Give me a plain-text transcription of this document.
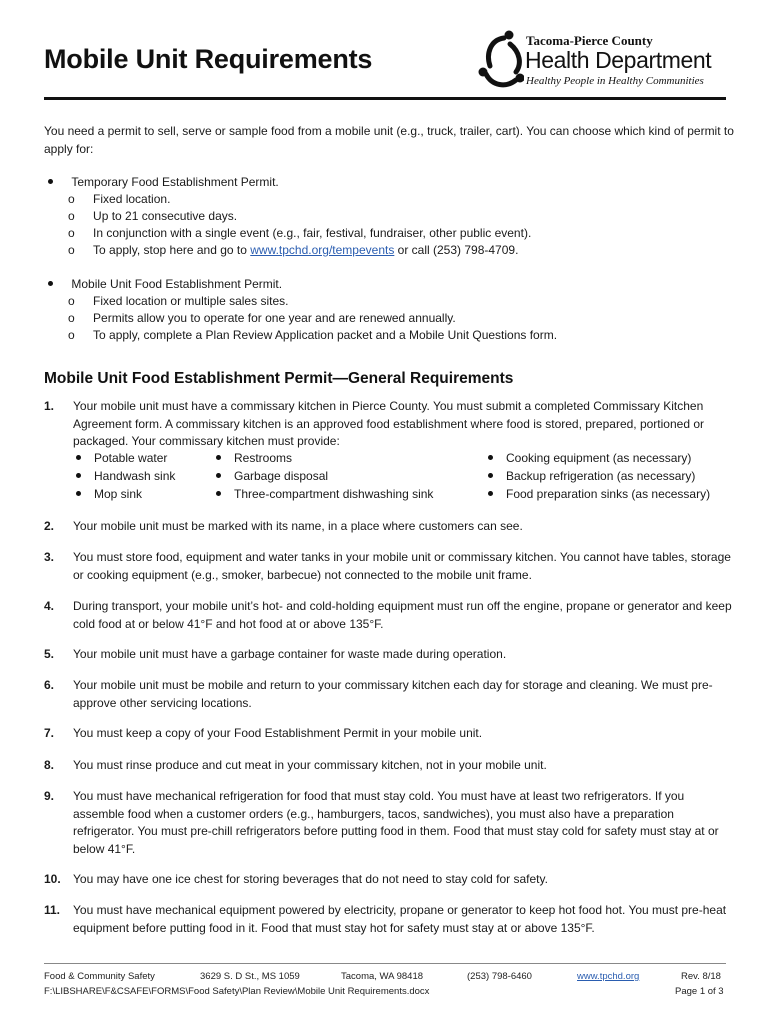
Mobile Unit Requirements
Tacoma-Pierce County
Health Department
Healthy People in Healthy Communities
You need a permit to sell, serve or sample food from a mobile unit (e.g., truck, trailer, cart). You can choose which kind of permit to apply for:
Temporary Food Establishment Permit.
o Fixed location.
o Up to 21 consecutive days.
o In conjunction with a single event (e.g., fair, festival, fundraiser, other public event).
o To apply, stop here and go to www.tpchd.org/tempevents or call (253) 798-4709.
Mobile Unit Food Establishment Permit.
o Fixed location or multiple sales sites.
o Permits allow you to operate for one year and are renewed annually.
o To apply, complete a Plan Review Application packet and a Mobile Unit Questions form.
Mobile Unit Food Establishment Permit—General Requirements
1. Your mobile unit must have a commissary kitchen in Pierce County. You must submit a completed Commissary Kitchen Agreement form. A commissary kitchen is an approved food establishment where food is stored, prepared, portioned or packaged. Your commissary kitchen must provide:
Potable water
Handwash sink
Mop sink
Restrooms
Garbage disposal
Three-compartment dishwashing sink
Cooking equipment (as necessary)
Backup refrigeration (as necessary)
Food preparation sinks (as necessary)
2. Your mobile unit must be marked with its name, in a place where customers can see.
3. You must store food, equipment and water tanks in your mobile unit or commissary kitchen. You cannot have tables, storage or cooking equipment (e.g., smoker, barbecue) not connected to the mobile unit frame.
4. During transport, your mobile unit’s hot- and cold-holding equipment must run off the engine, propane or generator and keep cold food at or below 41°F and hot food at or above 135°F.
5. Your mobile unit must have a garbage container for waste made during operation.
6. Your mobile unit must be mobile and return to your commissary kitchen each day for storage and cleaning. We must pre-approve other servicing locations.
7. You must keep a copy of your Food Establishment Permit in your mobile unit.
8. You must rinse produce and cut meat in your commissary kitchen, not in your mobile unit.
9. You must have mechanical refrigeration for food that must stay cold. You must have at least two refrigerators. If you assemble food when a customer orders (e.g., hamburgers, tacos, sandwiches), you must also have a preparation refrigerator. You must pre-chill refrigerators before putting food in them. Food that must stay cold for safety must stay at or below 41°F.
10. You may have one ice chest for storing beverages that do not need to stay cold for safety.
11. You must have mechanical equipment powered by electricity, propane or generator to keep hot food hot. You must pre-heat equipment before putting food in it. Food that must stay hot for safety must stay at or above 135°F.
Food & Community Safety	3629 S. D St., MS 1059	Tacoma, WA 98418	(253) 798-6460	www.tpchd.org	Rev. 8/18
F:\LIBSHARE\F&CSAFE\FORMS\Food Safety\Plan Review\Mobile Unit Requirements.docx	Page 1 of 3
